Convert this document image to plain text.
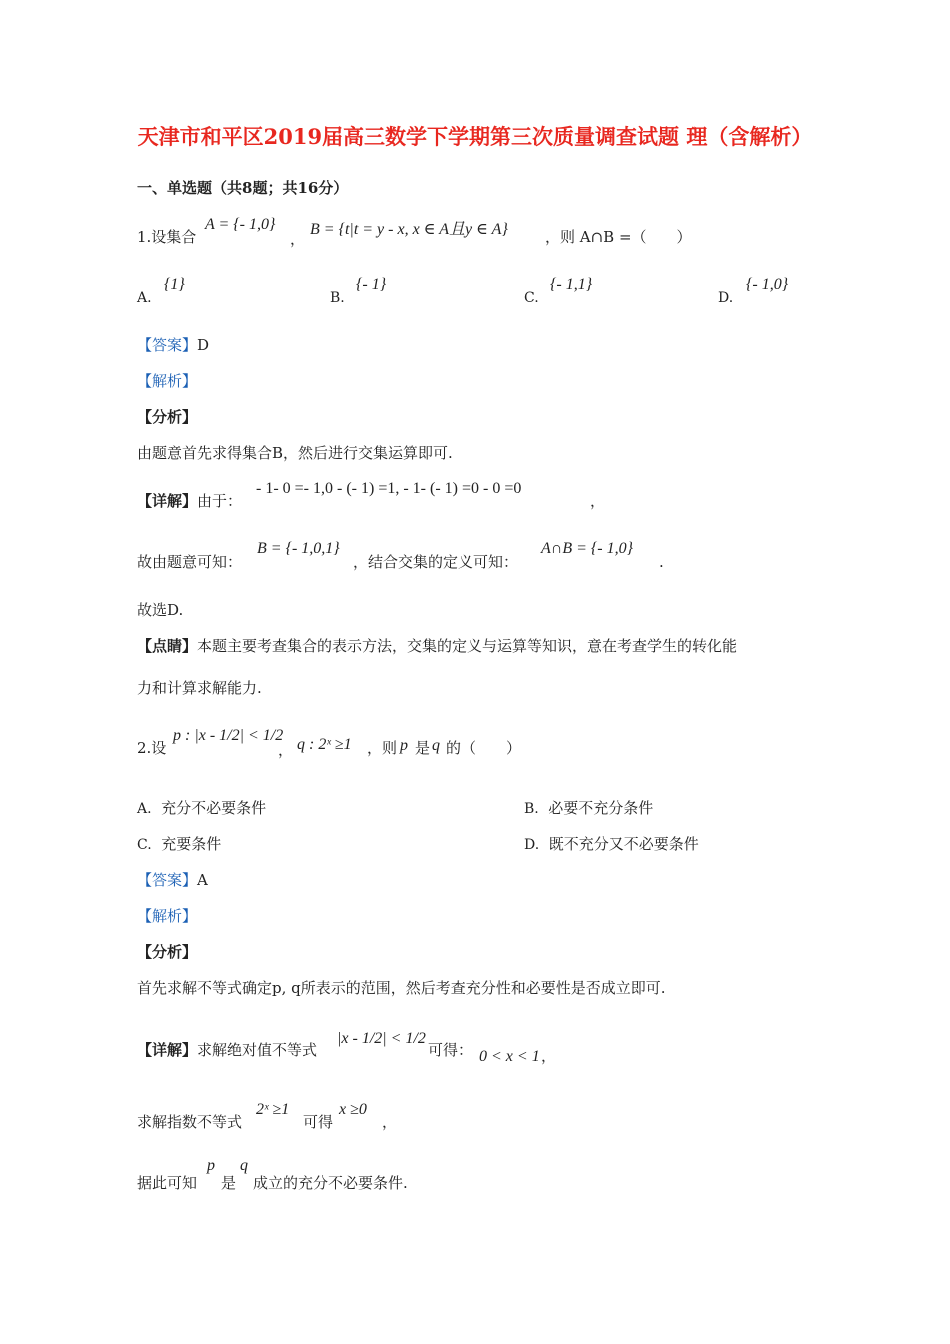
天津市和平区2019届高三数学下学期第三次质量调查试题 理（含解析）
一、单选题（共8题；共16分）
1.设集合
A = {- 1,0}
，
B = {t|t = y - x, x ∈ A且y ∈ A} ，则 A∩B =（　　）
A.
{1}
B.
{- 1}
C.
{- 1,1}
D.
{- 1,0}
【答案】D
【解析】
【分析】
由题意首先求得集合B，然后进行交集运算即可.
【详解】由于：
- 1- 0 =- 1,0 - (- 1) =1, - 1- (- 1) =0 - 0 =0
，
故由题意可知：
B = {- 1,0,1}
，结合交集的定义可知：
A∩B = {- 1,0}
.
故选D.
【点睛】本题主要考查集合的表示方法，交集的定义与运算等知识，意在考查学生的转化能
力和计算求解能力.
2.设
p : |x - 1/2| < 1/2
， q : 2ˣ ≥1 ，则 p 是 q 的（　　）
A. 充分不必要条件	B. 必要不充分条件
C. 充要条件	D. 既不充分又不必要条件
【答案】A
【解析】
【分析】
首先求解不等式确定p, q所表示的范围，然后考查充分性和必要性是否成立即可.
【详解】求解绝对值不等式
|x - 1/2| < 1/2
可得： 0 < x < 1 ，
求解指数不等式
2ˣ ≥1
可得
x ≥0
，
据此可知
p
是
q
成立的充分不必要条件.
